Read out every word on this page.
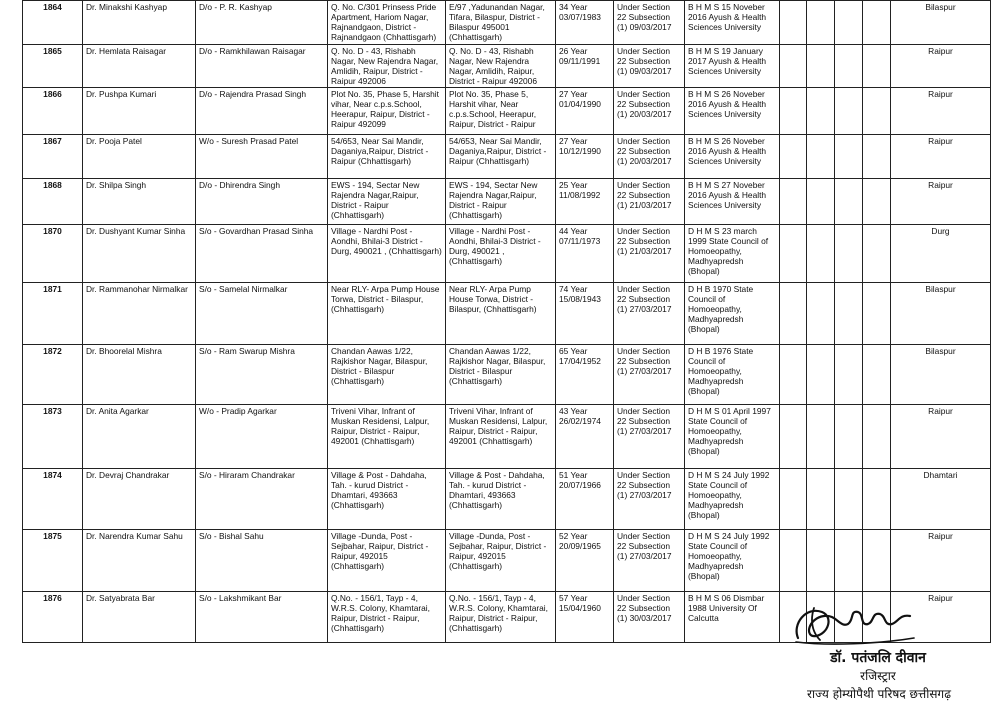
1864	Dr. Minakshi Kashyap	D/o - P. R. Kashyap	Q. No. C/301 Prinsess Pride Apartment, Hariom Nagar, Rajnandgaon, District - Rajnandgaon (Chhattisgarh)	E/97 ,Yadunandan Nagar, Tifara, Bilaspur, District - Bilaspur 495001 (Chhattisgarh)	34 Year 03/07/1983	Under Section 22 Subsection (1) 09/03/2017	B H M S 15 Noveber 2016 Ayush & Health Sciences University					Bilaspur
1865	Dr. Hemlata Raisagar	D/o - Ramkhilawan Raisagar	Q. No. D - 43, Rishabh Nagar, New Rajendra Nagar, Amlidih, Raipur, District - Raipur 492006	Q. No. D - 43, Rishabh Nagar, New Rajendra Nagar, Amlidih, Raipur, District - Raipur 492006	26 Year 09/11/1991	Under Section 22 Subsection (1) 09/03/2017	B H M S 19 January 2017 Ayush & Health Sciences University					Raipur
1866	Dr. Pushpa Kumari	D/o - Rajendra Prasad Singh	Plot No. 35, Phase 5, Harshit vihar, Near c.p.s.School, Heerapur, Raipur, District - Raipur 492099	Plot No. 35, Phase 5, Harshit vihar, Near c.p.s.School, Heerapur, Raipur, District - Raipur	27 Year 01/04/1990	Under Section 22 Subsection (1) 20/03/2017	B H M S 26 Noveber 2016 Ayush & Health Sciences University					Raipur
1867	Dr. Pooja Patel	W/o - Suresh Prasad Patel	54/653, Near Sai Mandir, Daganiya,Raipur, District - Raipur (Chhattisgarh)	54/653, Near Sai Mandir, Daganiya,Raipur, District - Raipur (Chhattisgarh)	27 Year 10/12/1990	Under Section 22 Subsection (1) 20/03/2017	B H M S 26 Noveber 2016 Ayush & Health Sciences University					Raipur
1868	Dr. Shilpa Singh	D/o - Dhirendra Singh	EWS - 194, Sectar New Rajendra Nagar,Raipur, District - Raipur (Chhattisgarh)	EWS - 194, Sectar New Rajendra Nagar,Raipur, District - Raipur (Chhattisgarh)	25 Year 11/08/1992	Under Section 22 Subsection (1) 21/03/2017	B H M S 27 Noveber 2016 Ayush & Health Sciences University					Raipur
1870	Dr. Dushyant Kumar Sinha	S/o - Govardhan Prasad Sinha	Village - Nardhi Post - Aondhi, Bhilai-3 District - Durg, 490021 , (Chhattisgarh)	Village - Nardhi Post - Aondhi, Bhilai-3 District - Durg, 490021 , (Chhattisgarh)	44 Year 07/11/1973	Under Section 22 Subsection (1) 21/03/2017	D H M S 23 march 1999 State Council of Homoeopathy, Madhyapredsh (Bhopal)					Durg
1871	Dr. Rammanohar Nirmalkar	S/o - Samelal Nirmalkar	Near RLY- Arpa Pump House Torwa, District - Bilaspur, (Chhattisgarh)	Near RLY- Arpa Pump House Torwa, District - Bilaspur, (Chhattisgarh)	74 Year 15/08/1943	Under Section 22 Subsection (1) 27/03/2017	D H B 1970 State Council of Homoeopathy, Madhyapredsh (Bhopal)					Bilaspur
1872	Dr. Bhoorelal Mishra	S/o - Ram Swarup Mishra	Chandan Aawas 1/22, Rajkishor Nagar, Bilaspur, District - Bilaspur (Chhattisgarh)	Chandan Aawas 1/22, Rajkishor Nagar, Bilaspur, District - Bilaspur (Chhattisgarh)	65 Year 17/04/1952	Under Section 22 Subsection (1) 27/03/2017	D H B 1976 State Council of Homoeopathy, Madhyapredsh (Bhopal)					Bilaspur
1873	Dr. Anita Agarkar	W/o - Pradip Agarkar	Triveni Vihar, Infrant of Muskan Residensi, Lalpur, Raipur, District - Raipur, 492001 (Chhattisgarh)	Triveni Vihar, Infrant of Muskan Residensi, Lalpur, Raipur, District - Raipur, 492001 (Chhattisgarh)	43 Year 26/02/1974	Under Section 22 Subsection (1) 27/03/2017	D H M S 01 April 1997 State Council of Homoeopathy, Madhyapredsh (Bhopal)					Raipur
1874	Dr. Devraj Chandrakar	S/o - Hiraram Chandrakar	Village & Post - Dahdaha, Tah. - kurud District - Dhamtari, 493663 (Chhattisgarh)	Village & Post - Dahdaha, Tah. - kurud District - Dhamtari, 493663 (Chhattisgarh)	51 Year 20/07/1966	Under Section 22 Subsection (1) 27/03/2017	D H M S 24 July 1992 State Council of Homoeopathy, Madhyapredsh (Bhopal)					Dhamtari
1875	Dr. Narendra Kumar Sahu	S/o - Bishal Sahu	Village -Dunda, Post - Sejbahar, Raipur, District - Raipur, 492015 (Chhattisgarh)	Village -Dunda, Post - Sejbahar, Raipur, District - Raipur, 492015 (Chhattisgarh)	52 Year 20/09/1965	Under Section 22 Subsection (1) 27/03/2017	D H M S 24 July 1992 State Council of Homoeopathy, Madhyapredsh (Bhopal)					Raipur
1876	Dr. Satyabrata Bar	S/o - Lakshmikant Bar	Q.No. - 156/1, Tayp - 4, W.R.S. Colony, Khamtarai, Raipur, District - Raipur, (Chhattisgarh)	Q.No. - 156/1, Tayp - 4, W.R.S. Colony, Khamtarai, Raipur, District - Raipur, (Chhattisgarh)	57 Year 15/04/1960	Under Section 22 Subsection (1) 30/03/2017	B H M S 06 Dismbar 1988 University Of Calcutta					Raipur
डॉ. पतंजलि दीवान
रजिस्ट्रार
राज्य होम्योपैथी परिषद छत्तीसगढ़
